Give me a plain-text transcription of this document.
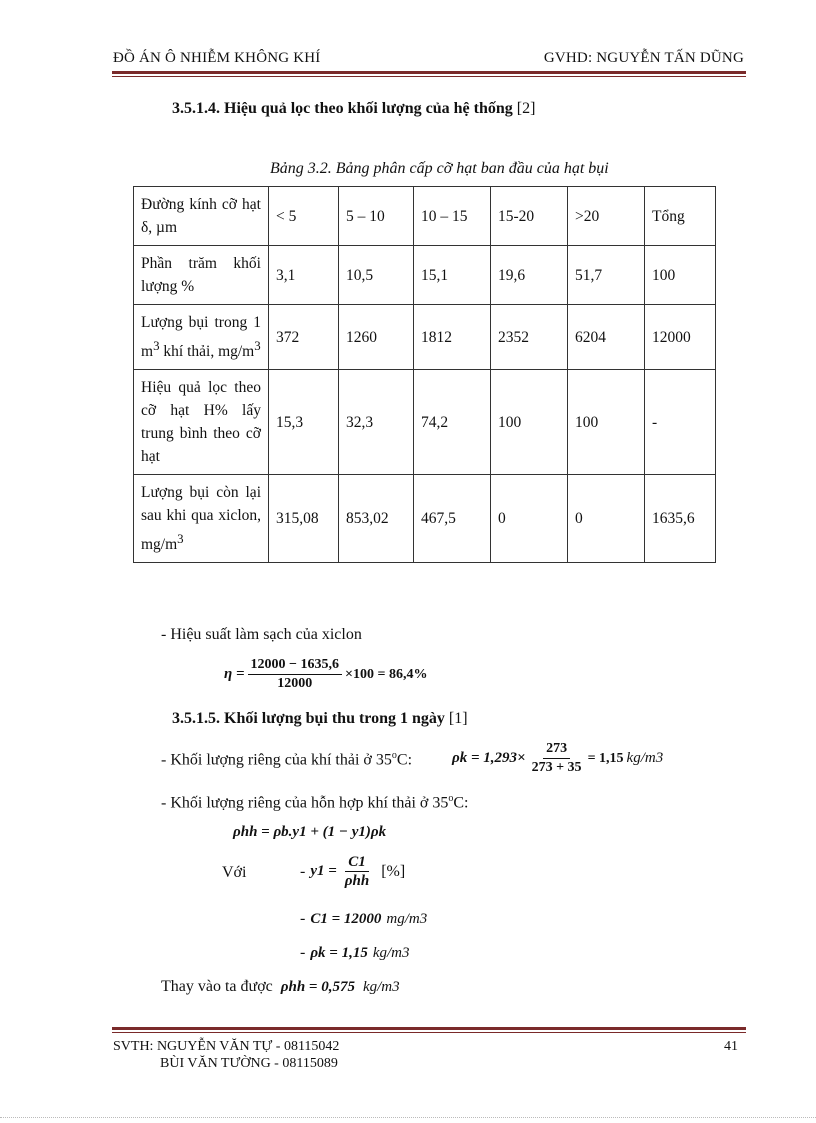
ĐỒ ÁN Ô NHIỄM KHÔNG KHÍ	GVHD: NGUYỄN TẤN DŨNG
3.5.1.4. Hiệu quả lọc theo khối lượng của hệ thống [2]
Bảng 3.2. Bảng phân cấp cỡ hạt ban đầu của hạt bụi
Đường kính cỡ hạt δ, µm	< 5	5 – 10	10 – 15	15-20	>20	Tổng
Phần trăm khối lượng %	3,1	10,5	15,1	19,6	51,7	100
Lượng bụi trong 1 $m^3$ khí thải, $mg/m^3$	372	1260	1812	2352	6204	12000
Hiệu quả lọc theo cỡ hạt H% lấy trung bình theo cỡ hạt	15,3	32,3	74,2	100	100	-
Lượng bụi còn lại sau khi qua xiclon, $mg/m^3$	315,08	853,02	467,5	0	0	1635,6
- Hiệu suất làm sạch của xiclon
$\eta = \frac{12000 - 1635,6}{12000} \times 100 = 86,4\%$
3.5.1.5. Khối lượng bụi thu trong 1 ngày [1]
- Khối lượng riêng của khí thải ở 35$^o$C:	$\rho k = 1,293\times \frac{273}{273 + 35} = 1,15$ kg/m3
- Khối lượng riêng của hỗn hợp khí thải ở 35$^o$C:
ρhh = ρb.y1 + (1 − y1)ρk
Với	- $y1 = \frac{C1}{\text{ρhh}}$ [%]
- C1 = 12000 mg/m3
- ρk = 1,15 kg/m3
Thay vào ta được ρhh = 0,575 kg/m3
SVTH: NGUYỄN VĂN TỰ - 08115042
BÙI VĂN TƯỜNG - 08115089
41
